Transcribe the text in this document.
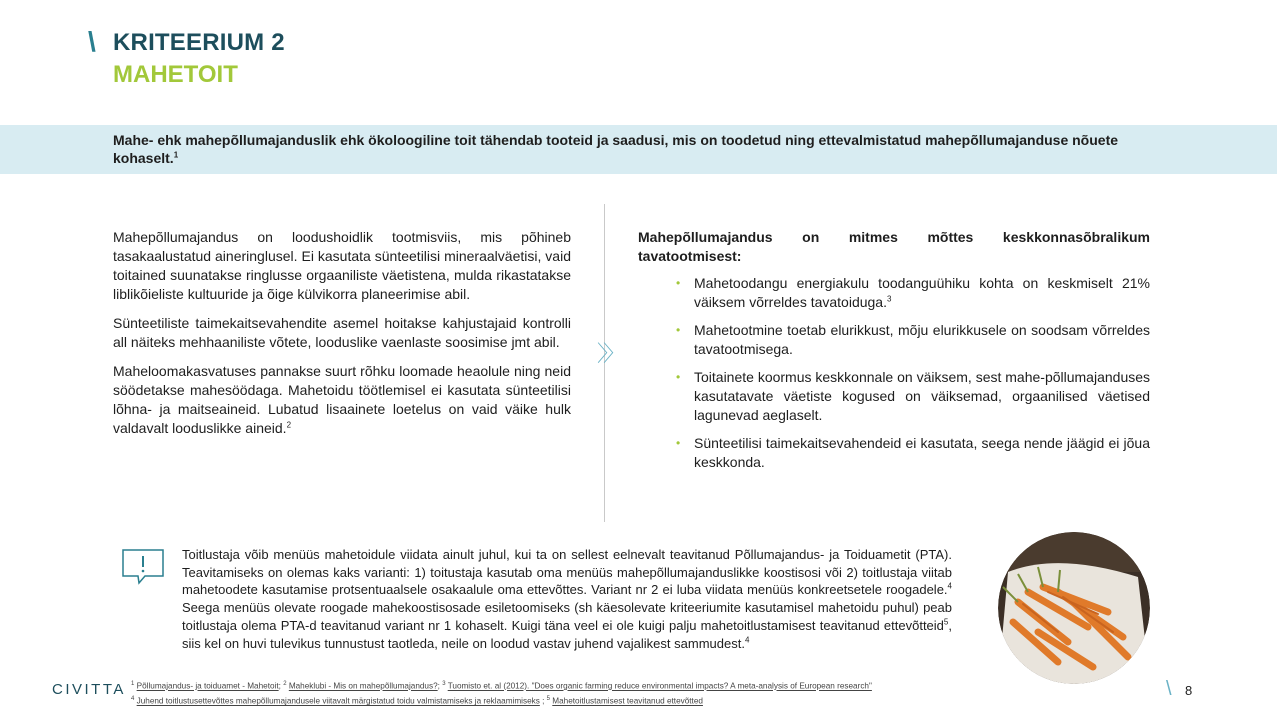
\ KRITEERIUM 2
MAHETOIT
Mahe- ehk mahepõllumajanduslik ehk ökoloogiline toit tähendab tooteid ja saadusi, mis on toodetud ning ettevalmistatud mahepõllumajanduse nõuete kohaselt.$^1$

Mahepõllumajandus on loodushoidlik tootmisviis, mis põhineb tasakaalustatud aineringlusel. Ei kasutata sünteetilisi mineraalväetisi, vaid toitained suunatakse ringlusse orgaaniliste väetistena, mulda rikastatakse liblikõieliste kultuuride ja õige külvikorra planeerimise abil.

Sünteetiliste taimekaitsevahendite asemel hoitakse kahjustajaid kontrolli all näiteks mehhaaniliste võtete, looduslike vaenlaste soosimise jmt abil.

Maheloomakasvatuses pannakse suurt rõhku loomade heaolule ning neid söödetakse mahesöödaga. Mahetoidu töötlemisel ei kasutata sünteetilisi lõhna- ja maitseaineid. Lubatud lisaainete loetelus on vaid väike hulk valdavalt looduslikke aineid.$^2$

〉〉
Mahepõllumajandus on mitmes mõttes keskkonnasõbralikum
tavatootmisest:
• Mahetoodangu energiakulu toodanguühiku kohta on keskmiselt 21% väiksem võrreldes tavatoiduga.$^3$
• Mahetootmine toetab elurikkust, mõju elurikkusele on soodsam võrreldes tavatootmisega.
• Toitainete koormus keskkonnale on väiksem, sest mahe-põllumajanduses kasutatavate väetiste kogused on väiksemad, orgaanilised väetised lagunevad aeglaselt.
• Sünteetilisi taimekaitsevahendeid ei kasutata, seega nende jäägid ei jõua keskkonda.
Toitlustaja võib menüüs mahetoidule viidata ainult juhul, kui ta on sellest eelnevalt teavitanud Põllumajandus- ja Toiduametit (PTA). Teavitamiseks on olemas kaks varianti: 1) toitustaja kasutab oma menüüs mahepõllumajanduslikke koostisosi või 2) toitlustaja viitab mahetoodete kasutamise protsentuaalsele osakaalule oma ettevõttes. Variant nr 2 ei luba viidata menüüs konkreetsetele roogadele.$^4$ Seega menüüs olevate roogade mahekoostisosade esiletoomiseks (sh käesolevate kriteeriumite kasutamisel mahetoidu puhul) peab toitlustaja olema PTA-d teavitanud variant nr 1 kohaselt. Kuigi täna veel ei ole kuigi palju mahetoitlustamisest teavitanud ettevõtteid$^5$, siis kel on huvi tulevikus tunnustust taotleda, neile on loodud vastav juhend vajalikest sammudest.$^4$
CIVITTA $^1$ Põllumajandus- ja toiduamet - Mahetoit; $^2$ Maheklubi - Mis on mahepõllumajandus?; $^3$ Tuomisto et. al (2012). "Does organic farming reduce environmental impacts? A meta-analysis of European research"
$^4$ Juhend toitlustusettevõttes mahepõllumajandusele viitavalt märgistatud toidu valmistamiseks ja reklaamimiseks ; $^5$ Mahetoitlustamisest teavitanud ettevõtted
\ 8
